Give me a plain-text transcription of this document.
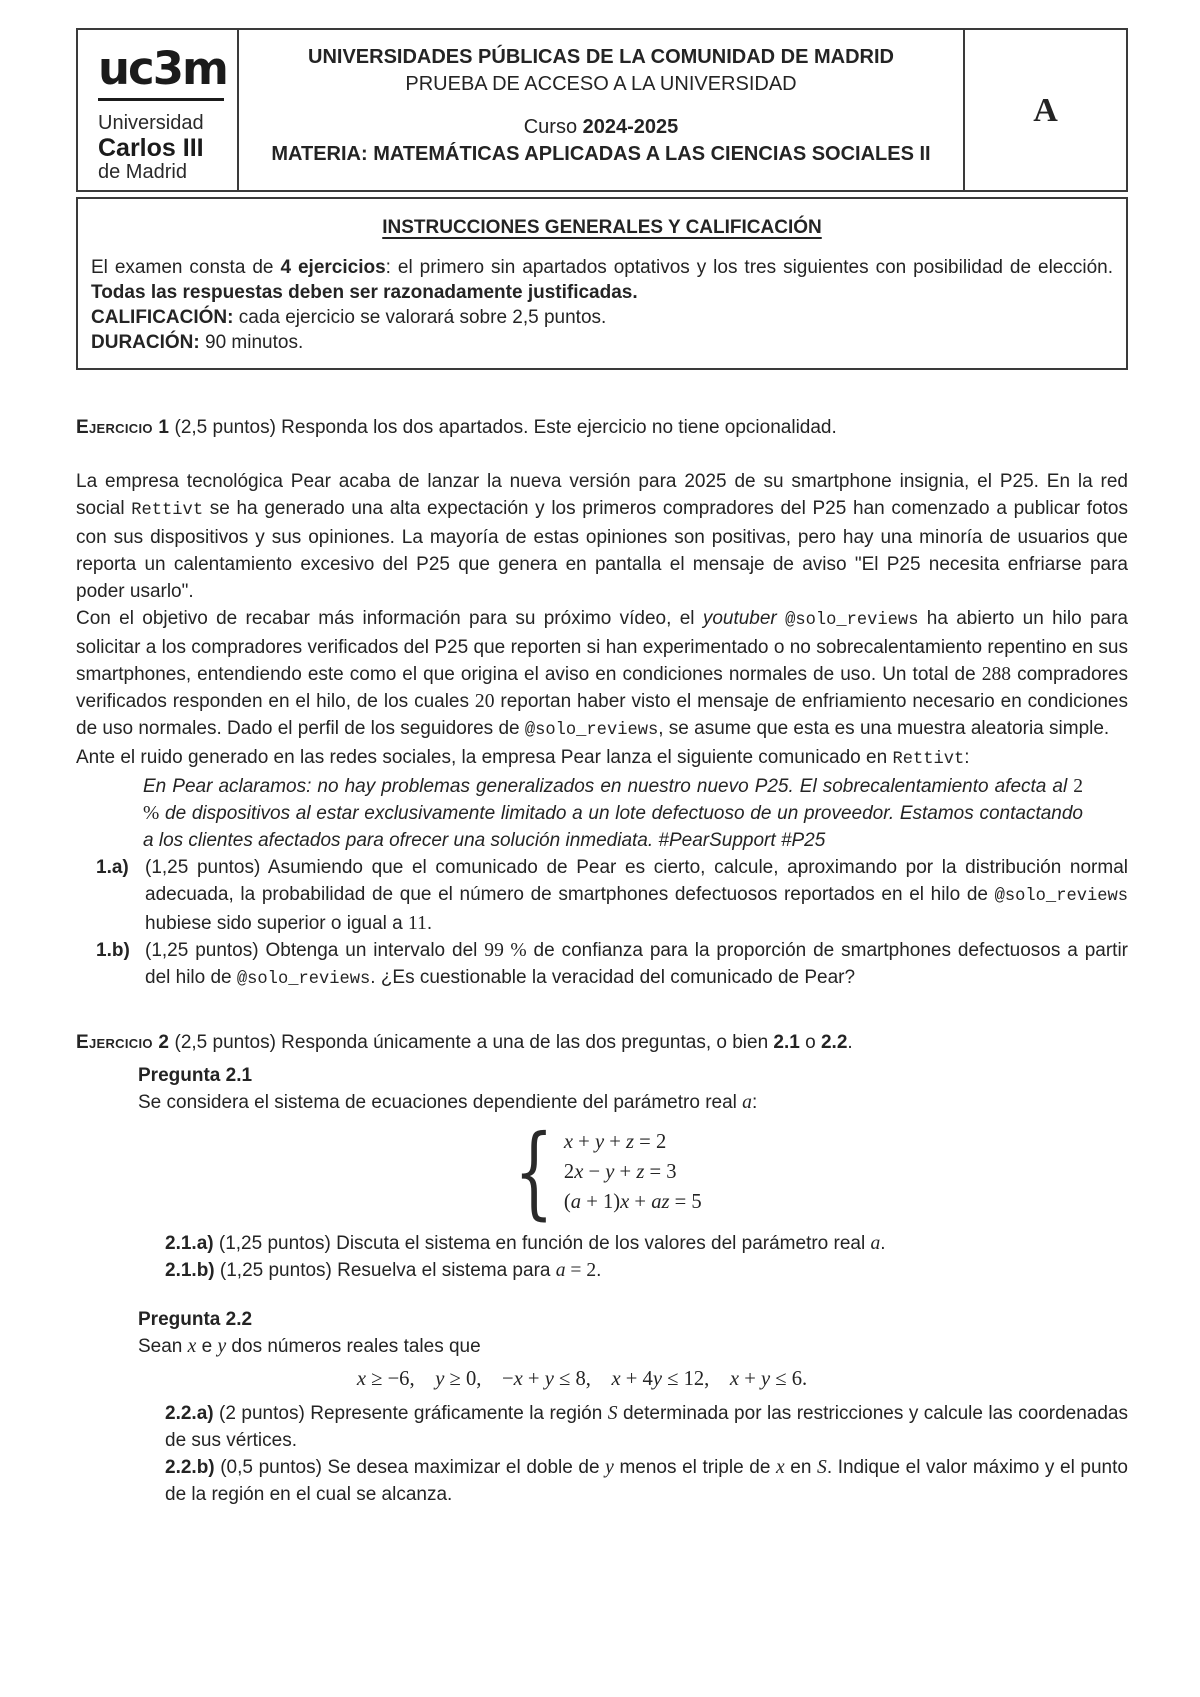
uc3m
Universidad
Carlos III
de Madrid
UNIVERSIDADES PÚBLICAS DE LA COMUNIDAD DE MADRID
PRUEBA DE ACCESO A LA UNIVERSIDAD
Curso 2024-2025
MATERIA: MATEMÁTICAS APLICADAS A LAS CIENCIAS SOCIALES II
A
INSTRUCCIONES GENERALES Y CALIFICACIÓN

El examen consta de 4 ejercicios: el primero sin apartados optativos y los tres siguientes con posibilidad de elección. Todas las respuestas deben ser razonadamente justificadas.

CALIFICACIÓN: cada ejercicio se valorará sobre 2,5 puntos.

DURACIÓN: 90 minutos.

Ejercicio 1 (2,5 puntos) Responda los dos apartados. Este ejercicio no tiene opcionalidad.

La empresa tecnológica Pear acaba de lanzar la nueva versión para 2025 de su smartphone insignia, el P25. En la red social Rettivt se ha generado una alta expectación y los primeros compradores del P25 han comenzado a publicar fotos con sus dispositivos y sus opiniones. La mayoría de estas opiniones son positivas, pero hay una minoría de usuarios que reporta un calentamiento excesivo del P25 que genera en pantalla el mensaje de aviso "El P25 necesita enfriarse para poder usarlo".

Con el objetivo de recabar más información para su próximo vídeo, el youtuber @solo_reviews ha abierto un hilo para solicitar a los compradores verificados del P25 que reporten si han experimentado o no sobrecalentamiento repentino en sus smartphones, entendiendo este como el que origina el aviso en condiciones normales de uso. Un total de 288 compradores verificados responden en el hilo, de los cuales 20 reportan haber visto el mensaje de enfriamiento necesario en condiciones de uso normales. Dado el perfil de los seguidores de @solo_reviews, se asume que esta es una muestra aleatoria simple.

Ante el ruido generado en las redes sociales, la empresa Pear lanza el siguiente comunicado en Rettivt:

En Pear aclaramos: no hay problemas generalizados en nuestro nuevo P25. El sobrecalentamiento afecta al 2 % de dispositivos al estar exclusivamente limitado a un lote defectuoso de un proveedor. Estamos contactando a los clientes afectados para ofrecer una solución inmediata. #PearSupport #P25
1.a) (1,25 puntos) Asumiendo que el comunicado de Pear es cierto, calcule, aproximando por la distribución normal adecuada, la probabilidad de que el número de smartphones defectuosos reportados en el hilo de @solo_reviews hubiese sido superior o igual a 11.
1.b) (1,25 puntos) Obtenga un intervalo del 99 % de confianza para la proporción de smartphones defectuosos a partir del hilo de @solo_reviews. ¿Es cuestionable la veracidad del comunicado de Pear?
Ejercicio 2 (2,5 puntos) Responda únicamente a una de las dos preguntas, o bien 2.1 o 2.2.
Pregunta 2.1
Se considera el sistema de ecuaciones dependiente del parámetro real a:
{ x + y + z = 2
2x − y + z = 3
(a + 1)x + az = 5
2.1.a) (1,25 puntos) Discuta el sistema en función de los valores del parámetro real a.
2.1.b) (1,25 puntos) Resuelva el sistema para a = 2.
Pregunta 2.2
Sean x e y dos números reales tales que
x ≥ −6,  y ≥ 0,  −x + y ≤ 8,  x + 4y ≤ 12,  x + y ≤ 6.
2.2.a) (2 puntos) Represente gráficamente la región S determinada por las restricciones y calcule las coordenadas de sus vértices.
2.2.b) (0,5 puntos) Se desea maximizar el doble de y menos el triple de x en S. Indique el valor máximo y el punto de la región en el cual se alcanza.
